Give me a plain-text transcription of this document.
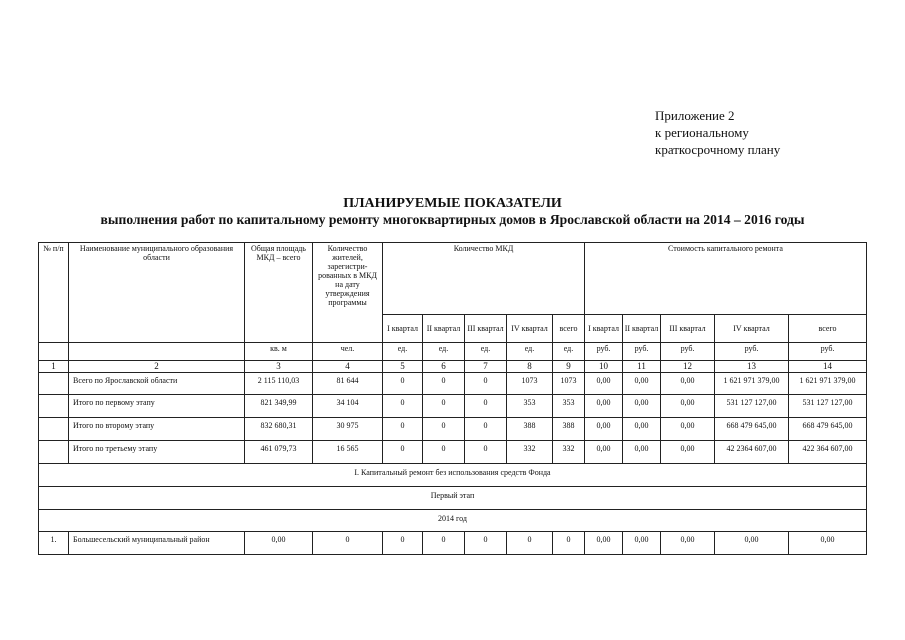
Приложение 2
к региональному
краткосрочному плану
ПЛАНИРУЕМЫЕ ПОКАЗАТЕЛИ
выполнения работ по капитальному ремонту многоквартирных домов в Ярославской области на 2014 – 2016 годы
№ п/п	Наименование муниципального образования области	Общая площадь МКД – всего	Количество жителей, зарегистри-рованных в МКД на дату утверждения программы	Количество МКД					Стоимость капитального ремонта				
				I квартал	II квартал	III квартал	IV квартал	всего	I квартал	II квартал	III квартал	IV квартал	всего
		кв. м	чел.	ед.	ед.	ед.	ед.	ед.	руб.	руб.	руб.	руб.	руб.
1	2	3	4	5	6	7	8	9	10	11	12	13	14
	Всего по Ярославской области	2 115 110,03	81 644	0	0	0	1073	1073	0,00	0,00	0,00	1 621 971 379,00	1 621 971 379,00
	Итого по первому этапу	821 349,99	34 104	0	0	0	353	353	0,00	0,00	0,00	531 127 127,00	531 127 127,00
	Итого по второму этапу	832 680,31	30 975	0	0	0	388	388	0,00	0,00	0,00	668 479 645,00	668 479 645,00
	Итого по третьему этапу	461 079,73	16 565	0	0	0	332	332	0,00	0,00	0,00	42 2364 607,00	422 364 607,00
I. Капитальный ремонт без использования средств Фонда													
Первый этап													
2014 год													
1.	Большесельский муниципальный район	0,00	0	0	0	0	0	0	0,00	0,00	0,00	0,00	0,00
